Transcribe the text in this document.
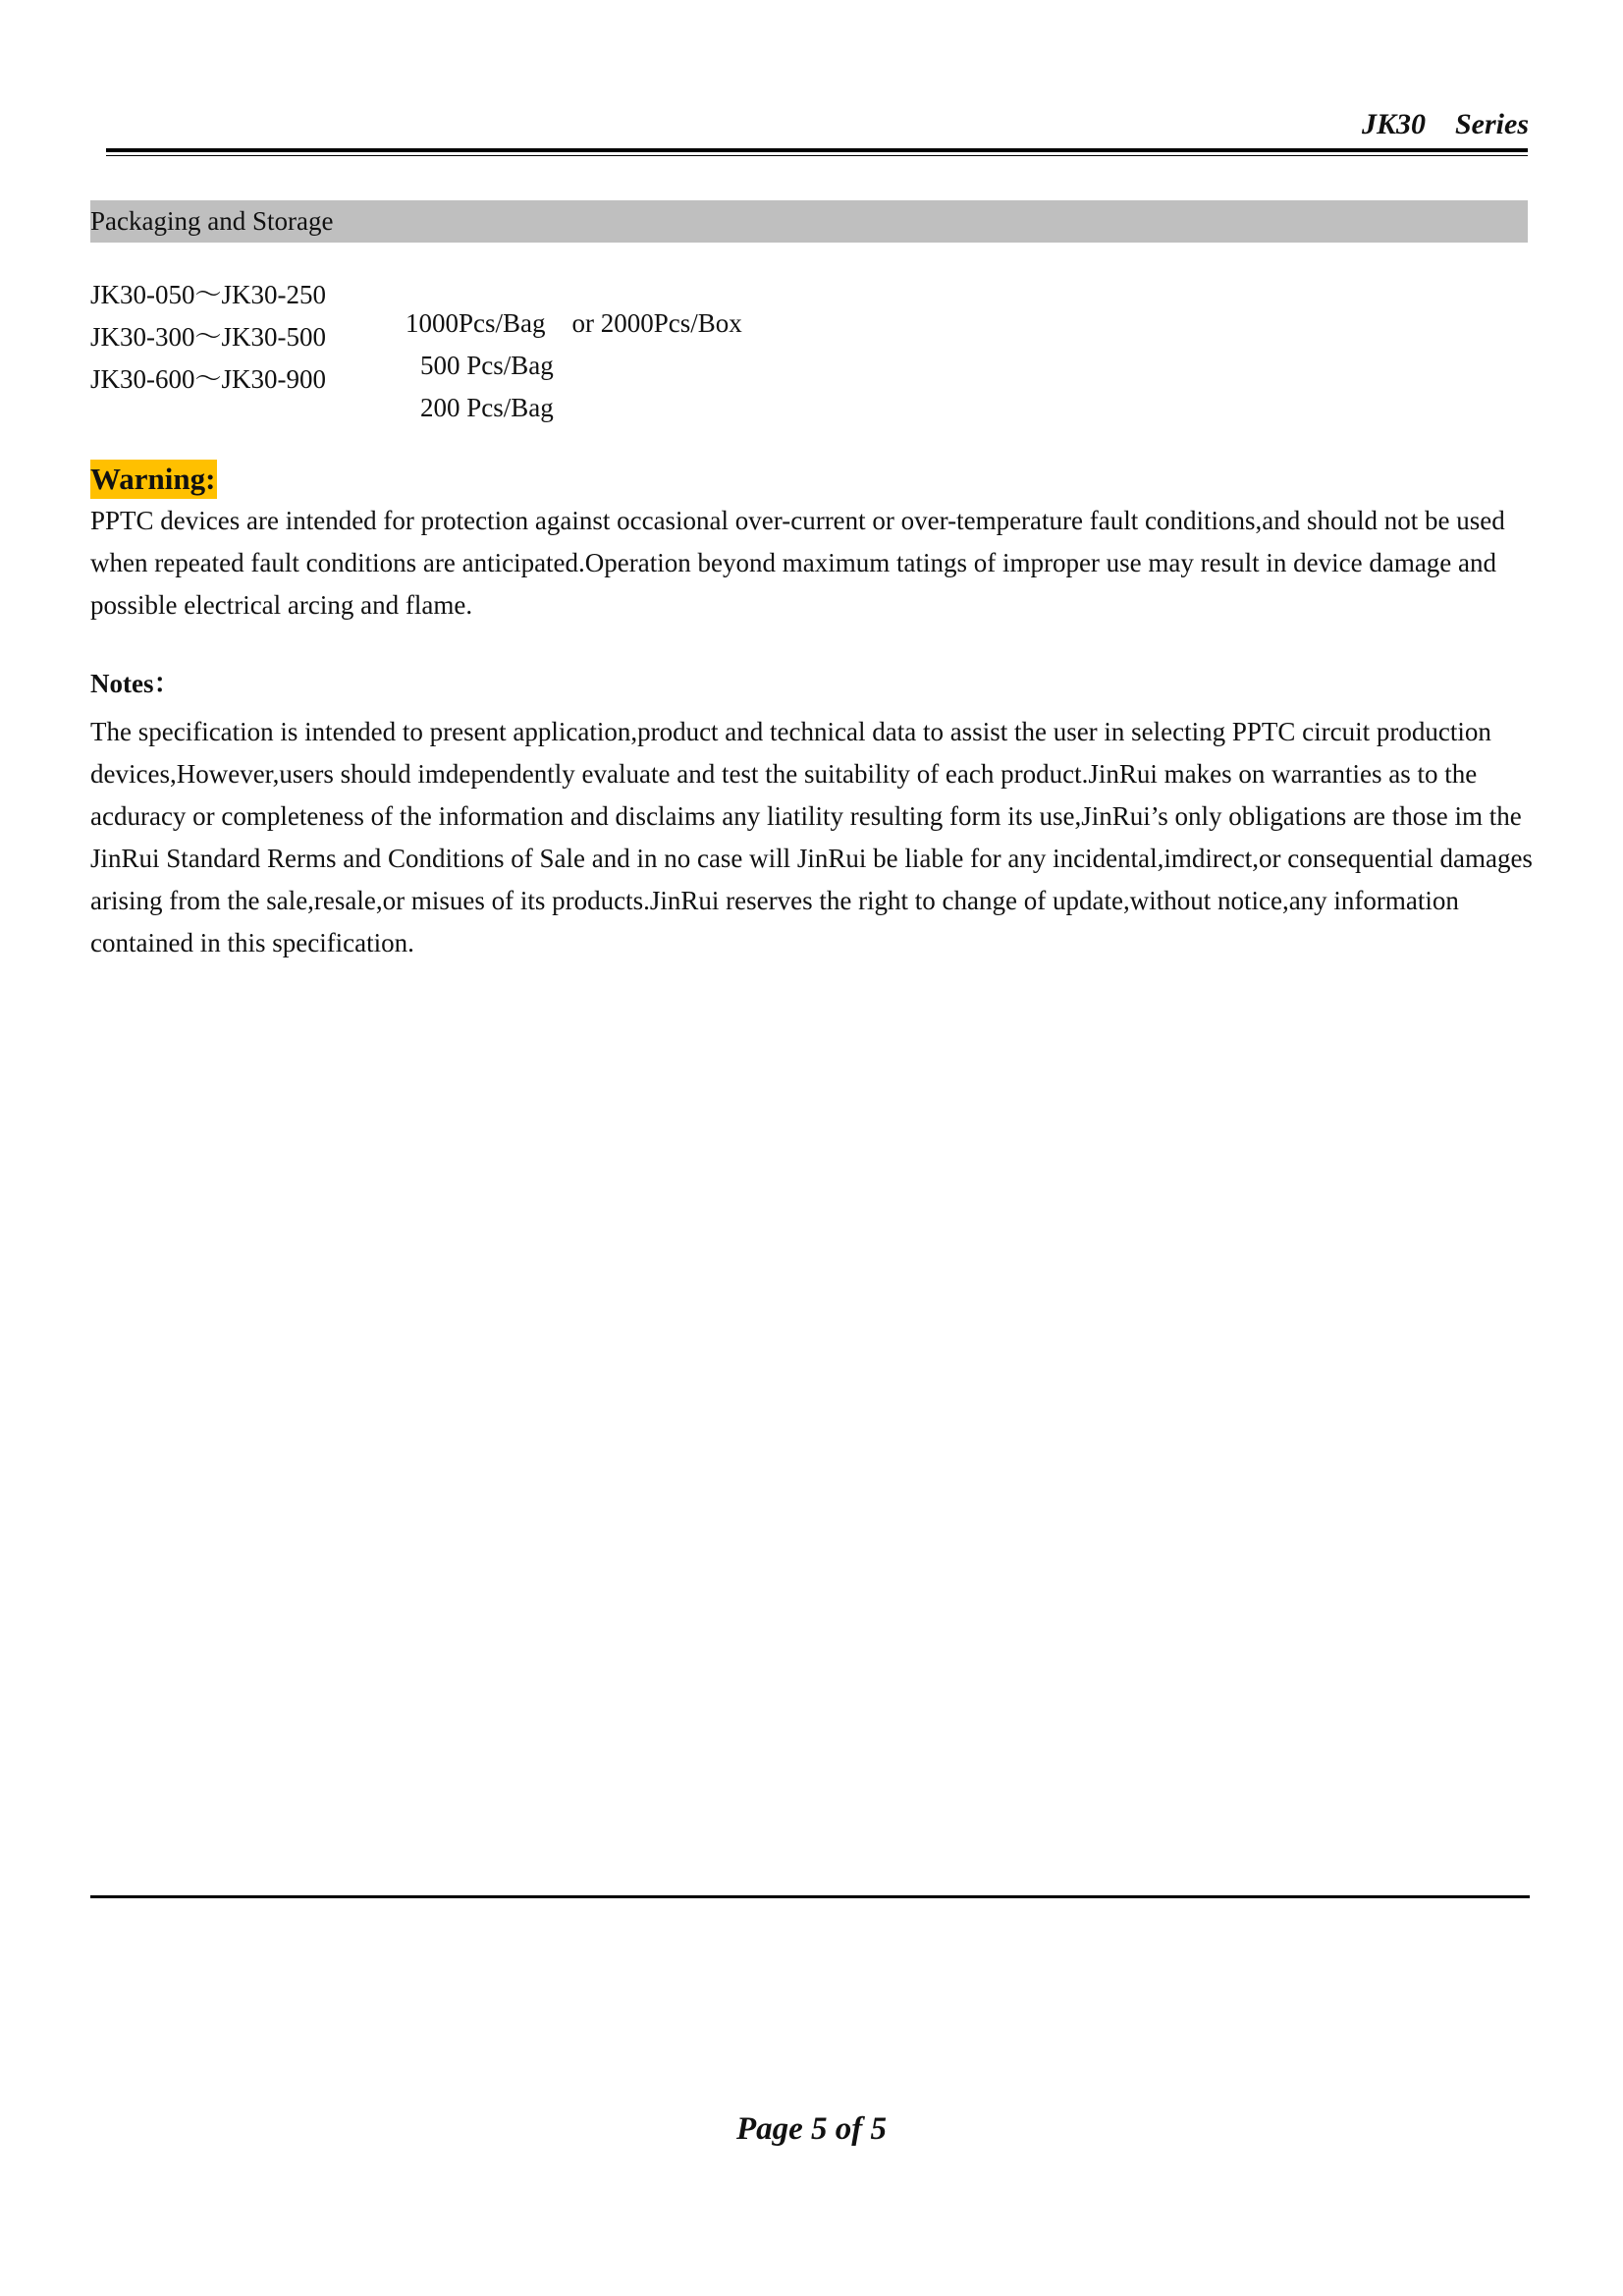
JK30    Series
Packaging and Storage

JK30-050～JK30-250

1000Pcs/Bag    or 2000Pcs/Box

JK30-300～JK30-500

500 Pcs/Bag

JK30-600～JK30-900

200 Pcs/Bag

Warning:

PPTC devices are intended for protection against occasional over-current or over-temperature fault conditions,and should not be used when repeated fault conditions are anticipated.Operation beyond maximum tatings of improper use may result in device damage and possible electrical arcing and flame.

Notes：

The specification is intended to present application,product and technical data to assist the user in selecting PPTC circuit production devices,However,users should imdependently evaluate and test the suitability of each product.JinRui makes on warranties as to the acduracy or completeness of the information and disclaims any liatility resulting form its use,JinRui’s only obligations are those im the JinRui Standard Rerms and Conditions of Sale and in no case will JinRui be liable for any incidental,imdirect,or consequential damages arising from the sale,resale,or misues of its products.JinRui reserves the right to change of update,without notice,any information contained in this specification.

Page 5 of 5
